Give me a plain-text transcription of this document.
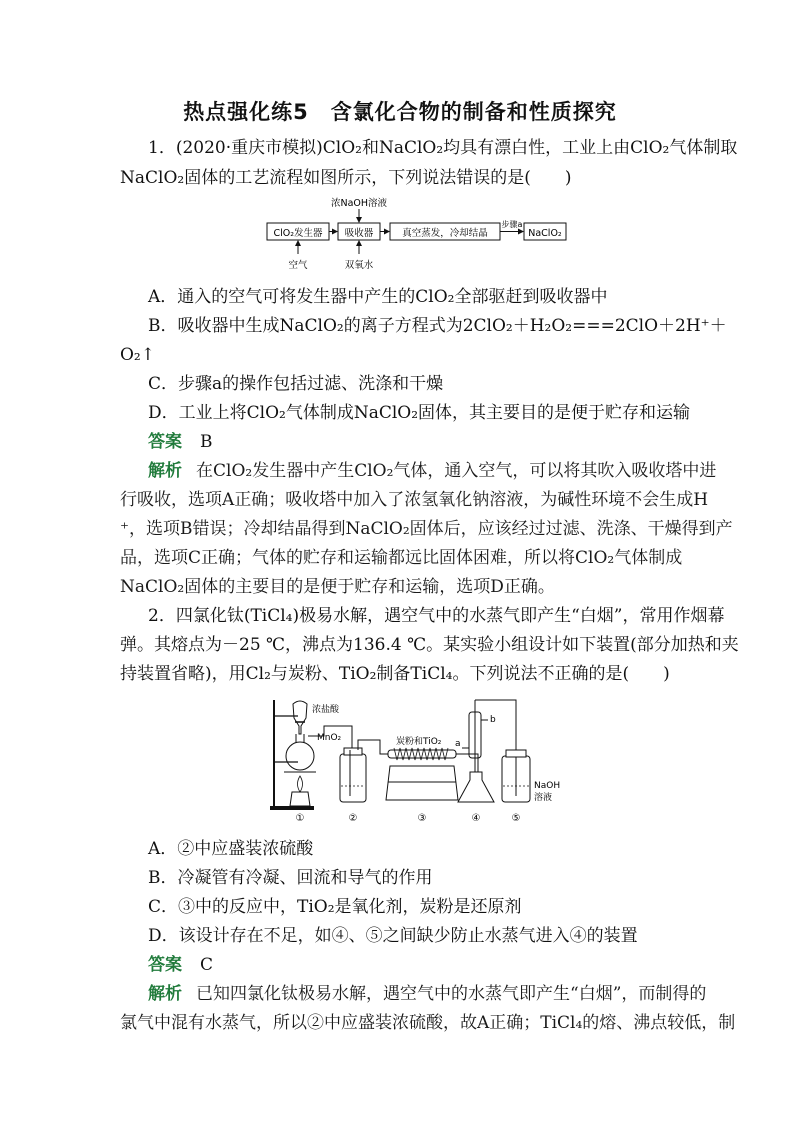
热点强化练5　含氯化合物的制备和性质探究
1．(2020·重庆市模拟)ClO₂和NaClO₂均具有漂白性，工业上由ClO₂气体制取
NaClO₂固体的工艺流程如图所示，下列说法错误的是(　　)
ClO₂发生器 吸收器	真空蒸发，冷却结晶	NaClO₂
步骤a
浓NaOH溶液
空气	双氧水
A．通入的空气可将发生器中产生的ClO₂全部驱赶到吸收器中
B．吸收器中生成NaClO₂的离子方程式为2ClO₂＋H₂O₂===2ClO＋2H⁺＋
O₂↑
C．步骤a的操作包括过滤、洗涤和干燥
D．工业上将ClO₂气体制成NaClO₂固体，其主要目的是便于贮存和运输
答案 B
解析 在ClO₂发生器中产生ClO₂气体，通入空气，可以将其吹入吸收塔中进
行吸收，选项A正确；吸收塔中加入了浓氢氧化钠溶液，为碱性环境不会生成H
⁺，选项B错误；冷却结晶得到NaClO₂固体后，应该经过过滤、洗涤、干燥得到产
品，选项C正确；气体的贮存和运输都远比固体困难，所以将ClO₂气体制成
NaClO₂固体的主要目的是便于贮存和运输，选项D正确。
2．四氯化钛(TiCl₄)极易水解，遇空气中的水蒸气即产生“白烟”，常用作烟幕
弹。其熔点为－25 ℃，沸点为136.4 ℃。某实验小组设计如下装置(部分加热和夹
持装置省略)，用Cl₂与炭粉、TiO₂制备TiCl₄。下列说法不正确的是(　　)
浓盐酸
MnO₂	炭粉和TiO₂ a
b
NaOH
溶液
①	②	③	④	⑤
A．②中应盛装浓硫酸
B．冷凝管有冷凝、回流和导气的作用
C．③中的反应中，TiO₂是氧化剂，炭粉是还原剂
D．该设计存在不足，如④、⑤之间缺少防止水蒸气进入④的装置
答案 C
解析 已知四氯化钛极易水解，遇空气中的水蒸气即产生“白烟”，而制得的
氯气中混有水蒸气，所以②中应盛装浓硫酸，故A正确；TiCl₄的熔、沸点较低，制
